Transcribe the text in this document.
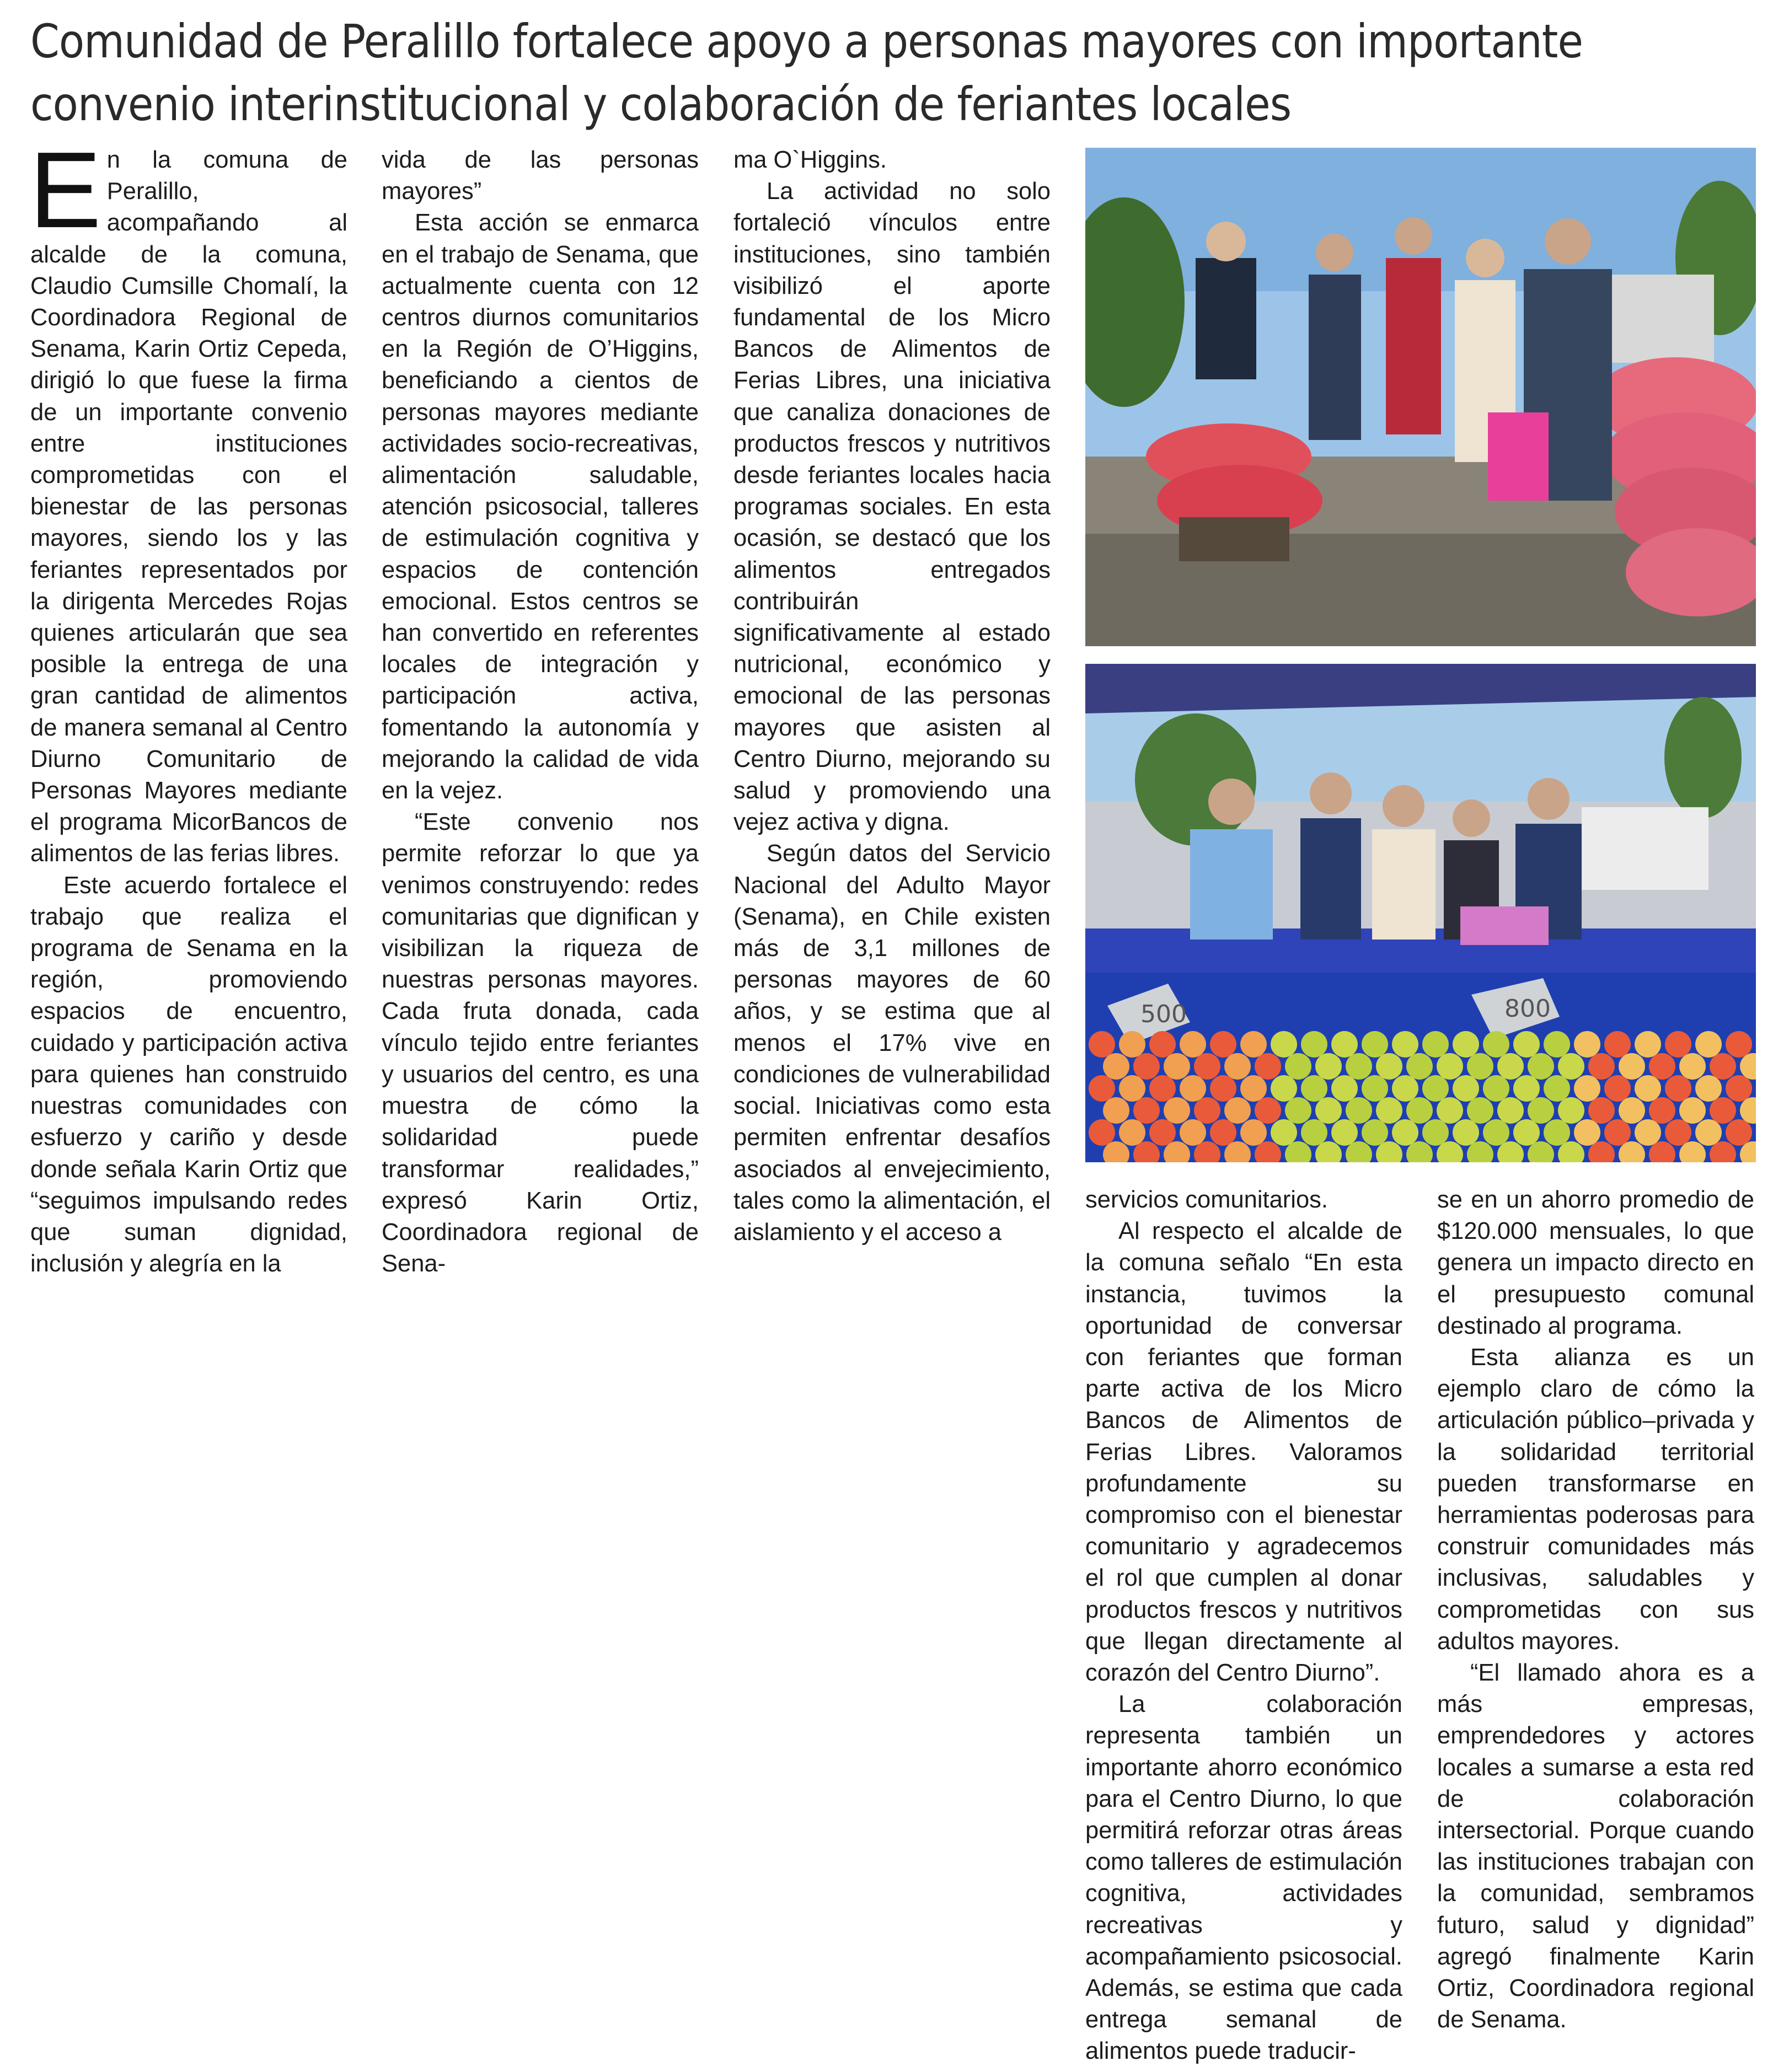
Comunidad de Peralillo fortalece apoyo a personas mayores con importante
convenio interinstitucional y colaboración de feriantes locales

En la comuna de Peralillo, acompañando al alcalde de la comuna, Claudio Cumsille Chomalí, la Coordinadora Regional de Senama, Karin Ortiz Cepeda, dirigió lo que fuese la firma de un importante convenio entre instituciones comprometidas con el bienestar de las personas mayores, siendo los y las feriantes representados por la dirigenta Mercedes Rojas quienes articularán que sea posible la entrega de una gran cantidad de alimentos de manera semanal al Centro Diurno Comunitario de Personas Mayores mediante el programa MicorBancos de alimentos de las ferias libres.

Este acuerdo fortalece el trabajo que realiza el programa de Senama en la región, promoviendo espacios de encuentro, cuidado y participación activa para quienes han construido nuestras comunidades con esfuerzo y cariño y desde donde señala Karin Ortiz que “seguimos impulsando redes que suman dignidad, inclusión y alegría en la

vida de las personas mayores”

Esta acción se enmarca en el trabajo de Senama, que actualmente cuenta con 12 centros diurnos comunitarios en la Región de O’Higgins, beneficiando a cientos de personas mayores mediante actividades socio-recreativas, alimentación saludable, atención psicosocial, talleres de estimulación cognitiva y espacios de contención emocional. Estos centros se han convertido en referentes locales de integración y participación activa, fomentando la autonomía y mejorando la calidad de vida en la vejez.

“Este convenio nos permite reforzar lo que ya venimos construyendo: redes comunitarias que dignifican y visibilizan la riqueza de nuestras personas mayores. Cada fruta donada, cada vínculo tejido entre feriantes y usuarios del centro, es una muestra de cómo la solidaridad puede transformar realidades,” expresó Karin Ortiz, Coordinadora regional de Sena-

ma O`Higgins.

La actividad no solo fortaleció vínculos entre instituciones, sino también visibilizó el aporte fundamental de los Micro Bancos de Alimentos de Ferias Libres, una iniciativa que canaliza donaciones de productos frescos y nutritivos desde feriantes locales hacia programas sociales. En esta ocasión, se destacó que los alimentos entregados contribuirán significativamente al estado nutricional, económico y emocional de las personas mayores que asisten al Centro Diurno, mejorando su salud y promoviendo una vejez activa y digna.

Según datos del Servicio Nacional del Adulto Mayor (Senama), en Chile existen más de 3,1 millones de personas mayores de 60 años, y se estima que al menos el 17% vive en condiciones de vulnerabilidad social. Iniciativas como esta permiten enfrentar desafíos asociados al envejecimiento, tales como la alimentación, el aislamiento y el acceso a

servicios comunitarios.

Al respecto el alcalde de la comuna señalo “En esta instancia, tuvimos la oportunidad de conversar con feriantes que forman parte activa de los Micro Bancos de Alimentos de Ferias Libres. Valoramos profundamente su compromiso con el bienestar comunitario y agradecemos el rol que cumplen al donar productos frescos y nutritivos que llegan directamente al corazón del Centro Diurno”.

La colaboración representa también un importante ahorro económico para el Centro Diurno, lo que permitirá reforzar otras áreas como talleres de estimulación cognitiva, actividades recreativas y acompañamiento psicosocial. Además, se estima que cada entrega semanal de alimentos puede traducir-

se en un ahorro promedio de $120.000 mensuales, lo que genera un impacto directo en el presupuesto comunal destinado al programa.

Esta alianza es un ejemplo claro de cómo la articulación público–privada y la solidaridad territorial pueden transformarse en herramientas poderosas para construir comunidades más inclusivas, saludables y comprometidas con sus adultos mayores.

“El llamado ahora es a más empresas, emprendedores y actores locales a sumarse a esta red de colaboración intersectorial. Porque cuando las instituciones trabajan con la comunidad, sembramos futuro, salud y dignidad” agregó finalmente Karin Ortiz, Coordinadora regional de Senama.

500	800
